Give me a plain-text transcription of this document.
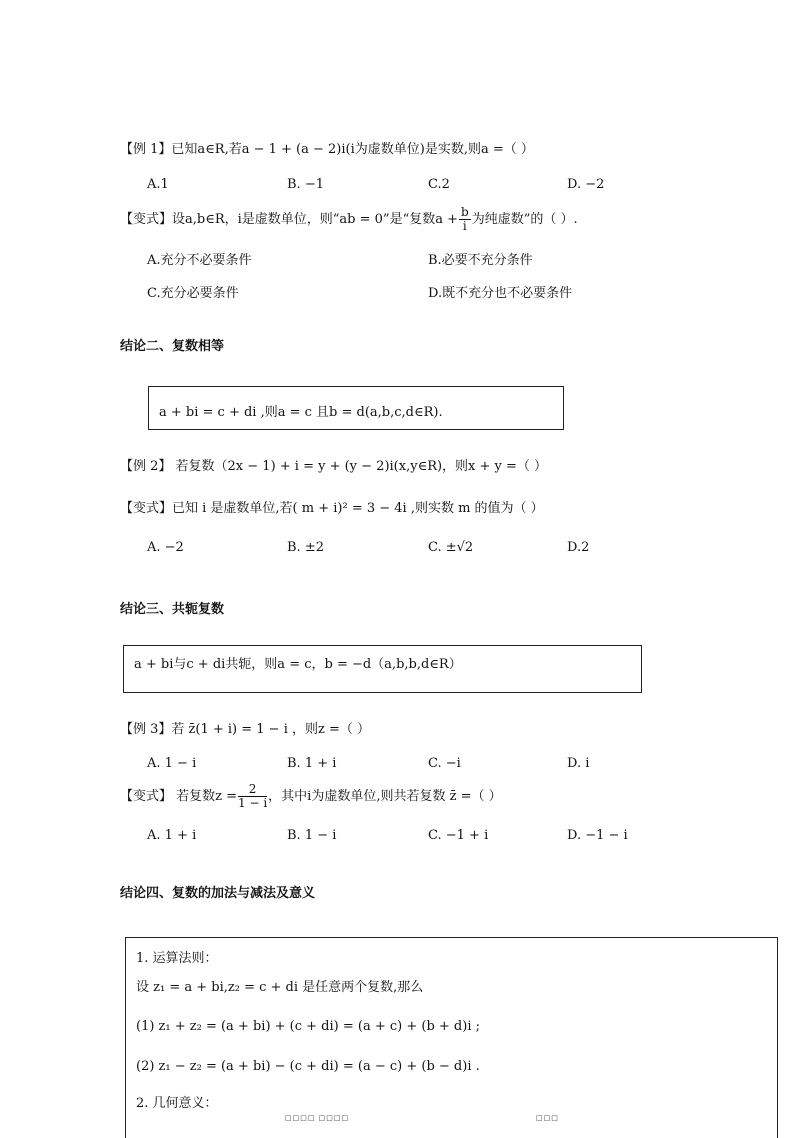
【例 1】已知a∈R,若a − 1 + (a − 2)i(i为虚数单位)是实数,则a =（ ）
A.1	B. −1	C.2	D. −2
【变式】设a,b∈R，i是虚数单位，则“ab = 0”是“复数$a + \frac{b}{i}$ 为纯虚数”的（ ）.
A.充分不必要条件	B.必要不充分条件
C.充分必要条件	D.既不充分也不必要条件
结论二、复数相等
a + bi = c + di ,则a = c 且b = d(a,b,c,d∈R).
【例 2】 若复数（2x − 1) + i = y + (y − 2)i(x,y∈R)，则x + y =（ ）
【变式】已知 i 是虚数单位,若( m + i)² = 3 − 4i ,则实数 m 的值为（ ）
A. −2	B. ±2	C. ±√2	D.2
结论三、共轭复数
a + bi与c + di共轭，则a = c，b = −d（a,b,b,d∈R）
【例 3】若 z̄(1 + i) = 1 − i ，则z =（ ）
A. 1 − i	B. 1 + i	C. −i	D. i
【变式】 若复数$z = \frac{2}{1 - i}$ ，其中i为虚数单位,则共若复数 z̄ =（ ）
A. 1 + i	B. 1 − i	C. −1 + i	D. −1 − i
结论四、复数的加法与减法及意义
1. 运算法则：
设 z₁ = a + bi,z₂ = c + di 是任意两个复数,那么
(1) z₁ + z₂ = (a + bi) + (c + di) = (a + c) + (b + d)i ;
(2) z₁ − z₂ = (a + bi) − (c + di) = (a − c) + (b − d)i .
2. 几何意义：
□□□□ □□□□	□□□
